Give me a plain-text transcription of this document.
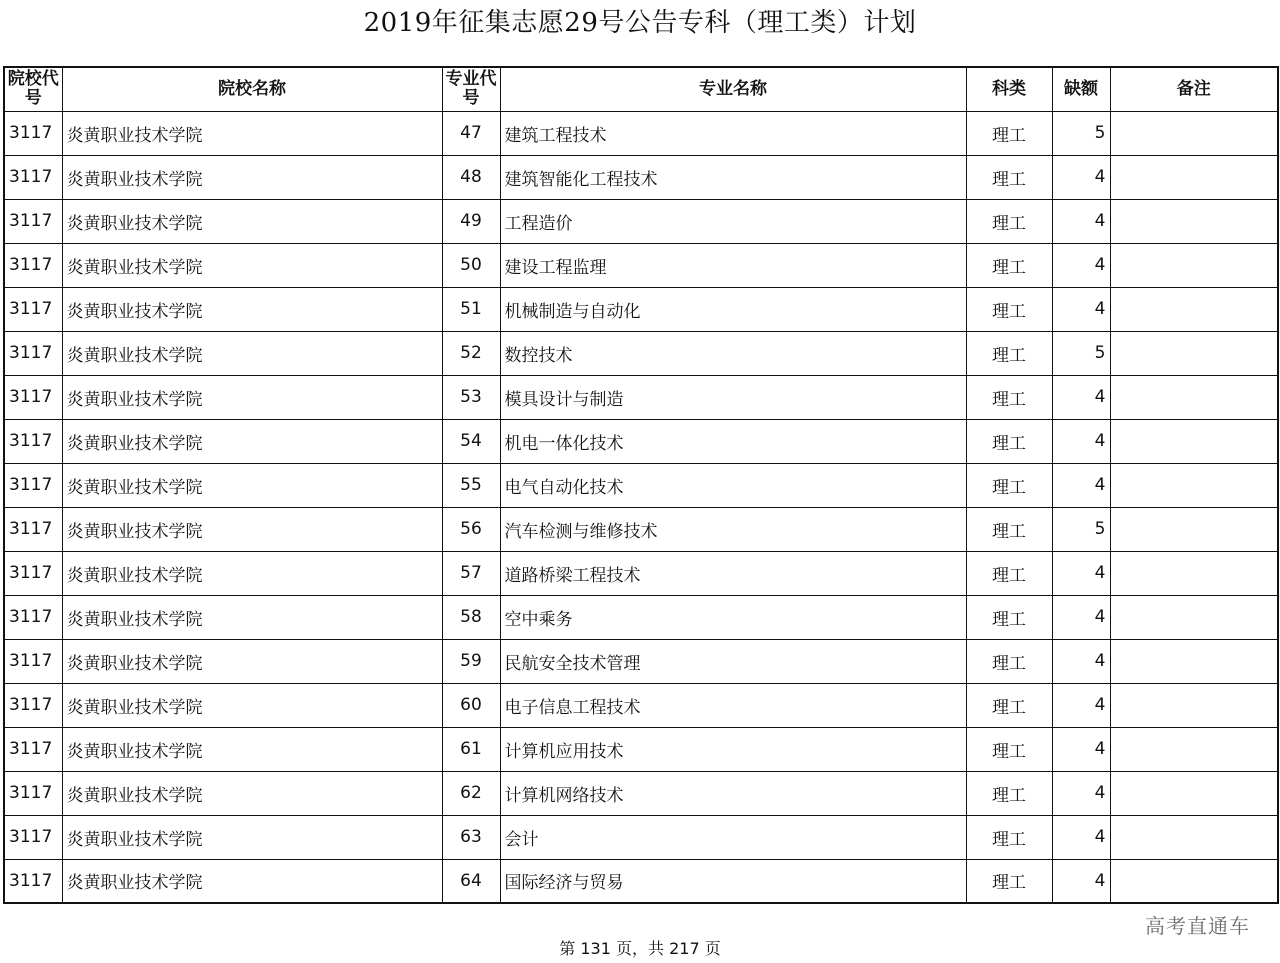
2019年征集志愿29号公告专科（理工类）计划
院校代号	院校名称	专业代号	专业名称	科类	缺额	备注
3117	炎黄职业技术学院	47	建筑工程技术	理工	5	
3117	炎黄职业技术学院	48	建筑智能化工程技术	理工	4	
3117	炎黄职业技术学院	49	工程造价	理工	4	
3117	炎黄职业技术学院	50	建设工程监理	理工	4	
3117	炎黄职业技术学院	51	机械制造与自动化	理工	4	
3117	炎黄职业技术学院	52	数控技术	理工	5	
3117	炎黄职业技术学院	53	模具设计与制造	理工	4	
3117	炎黄职业技术学院	54	机电一体化技术	理工	4	
3117	炎黄职业技术学院	55	电气自动化技术	理工	4	
3117	炎黄职业技术学院	56	汽车检测与维修技术	理工	5	
3117	炎黄职业技术学院	57	道路桥梁工程技术	理工	4	
3117	炎黄职业技术学院	58	空中乘务	理工	4	
3117	炎黄职业技术学院	59	民航安全技术管理	理工	4	
3117	炎黄职业技术学院	60	电子信息工程技术	理工	4	
3117	炎黄职业技术学院	61	计算机应用技术	理工	4	
3117	炎黄职业技术学院	62	计算机网络技术	理工	4	
3117	炎黄职业技术学院	63	会计	理工	4	
3117	炎黄职业技术学院	64	国际经济与贸易	理工	4	
高考直通车
第 131 页，共 217 页
